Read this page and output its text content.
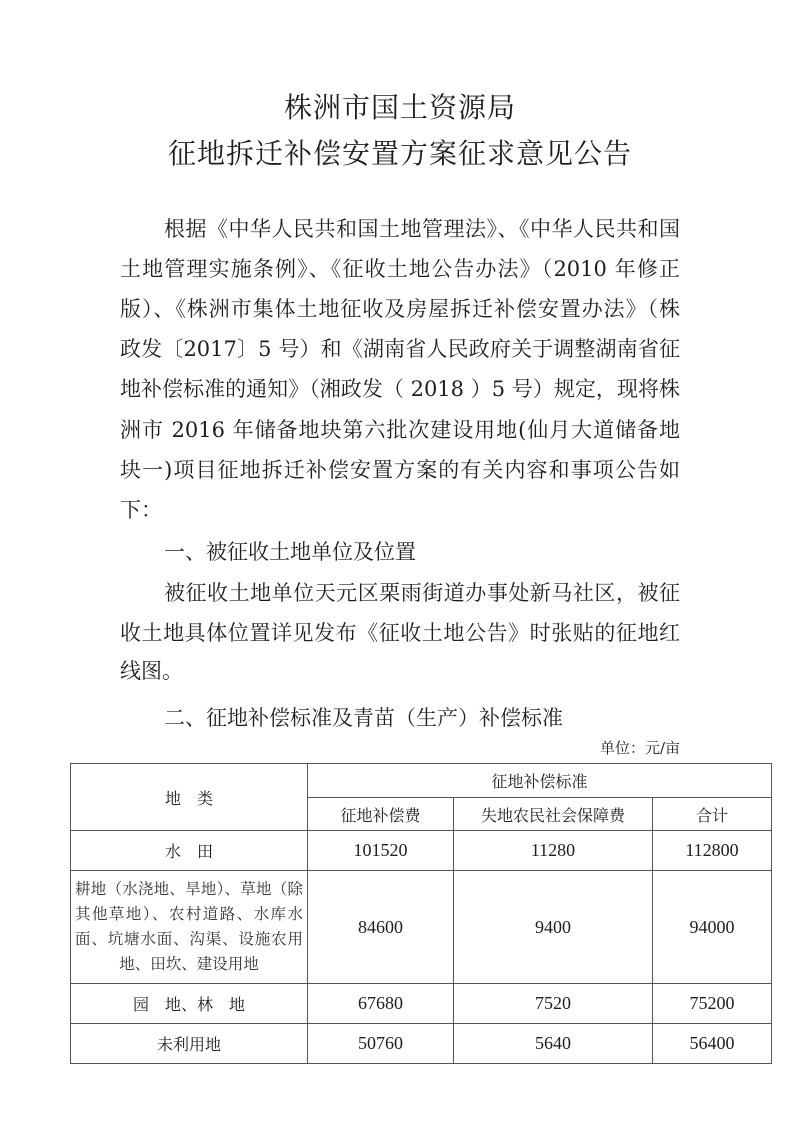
株洲市国土资源局
征地拆迁补偿安置方案征求意见公告
根据《中华人民共和国土地管理法》、《中华人民共和国
土地管理实施条例》、《征收土地公告办法》（2010 年修正
版）、《株洲市集体土地征收及房屋拆迁补偿安置办法》（株
政发〔2017〕5 号）和《湖南省人民政府关于调整湖南省征
地补偿标准的通知》（湘政发（ 2018 ）5 号）规定，现将株
洲市 2016 年储备地块第六批次建设用地(仙月大道储备地
块一)项目征地拆迁补偿安置方案的有关内容和事项公告如
下：
一、被征收土地单位及位置
被征收土地单位天元区栗雨街道办事处新马社区，被征
收土地具体位置详见发布《征收土地公告》时张贴的征地红
线图。
二、征地补偿标准及青苗（生产）补偿标准
单位：元/亩
地　类	征地补偿标准		
	征地补偿费	失地农民社会保障费	合计
水　田	101520	11280	112800
耕地（水浇地、旱地）、草地（除其他草地）、农村道路、水库水面、坑塘水面、沟渠、设施农用地、田坎、建设用地	84600	9400	94000
园　地、林　地	67680	7520	75200
未利用地	50760	5640	56400
